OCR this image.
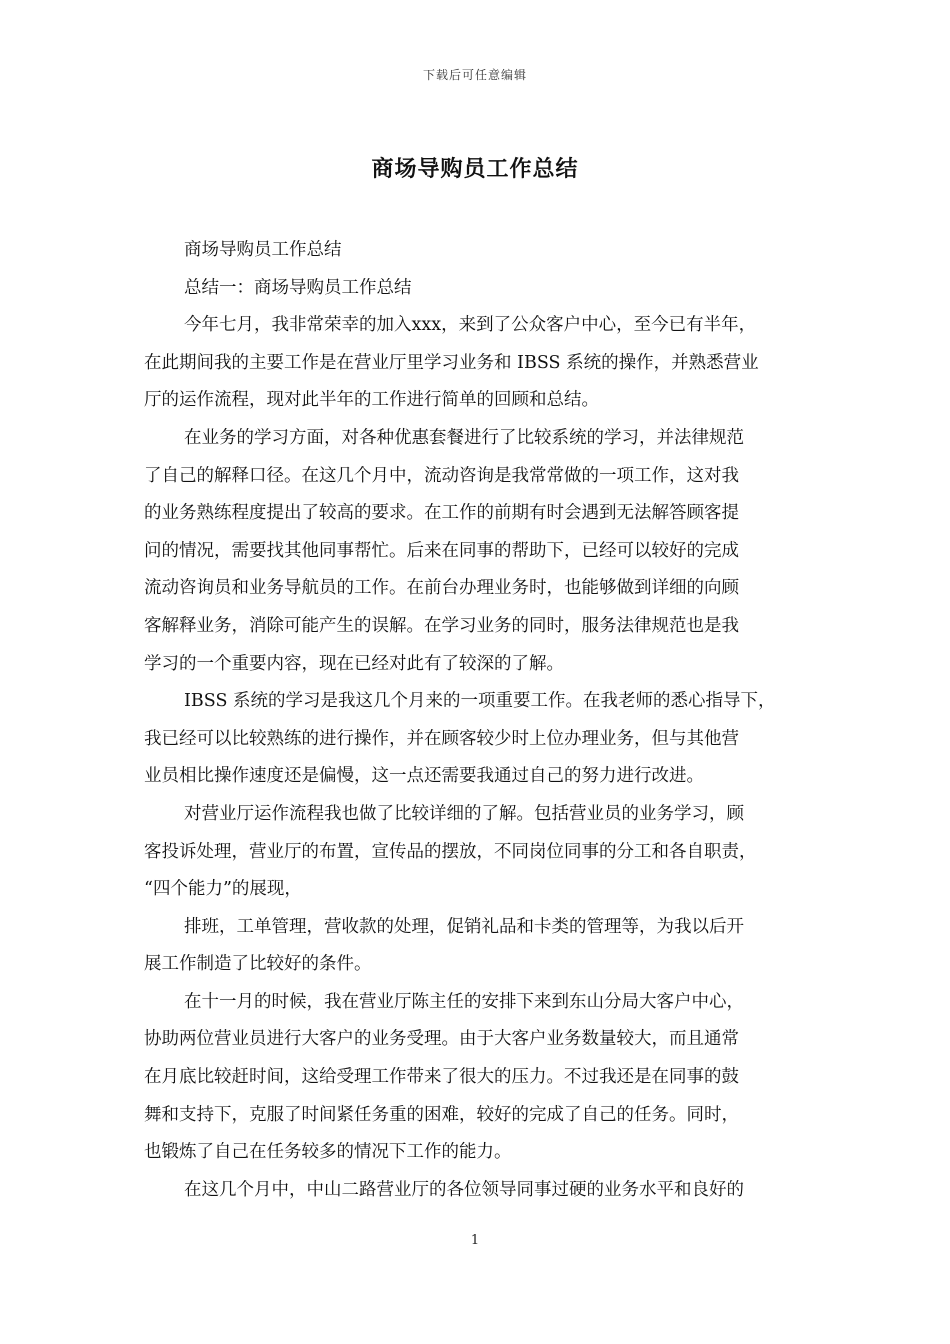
下载后可任意编辑
商场导购员工作总结
商场导购员工作总结
总结一：商场导购员工作总结
今年七月，我非常荣幸的加入xxx，来到了公众客户中心，至今已有半年，
在此期间我的主要工作是在营业厅里学习业务和 IBSS 系统的操作，并熟悉营业
厅的运作流程，现对此半年的工作进行简单的回顾和总结。
在业务的学习方面，对各种优惠套餐进行了比较系统的学习，并法律规范
了自己的解释口径。在这几个月中，流动咨询是我常常做的一项工作，这对我
的业务熟练程度提出了较高的要求。在工作的前期有时会遇到无法解答顾客提
问的情况，需要找其他同事帮忙。后来在同事的帮助下，已经可以较好的完成
流动咨询员和业务导航员的工作。在前台办理业务时，也能够做到详细的向顾
客解释业务，消除可能产生的误解。在学习业务的同时，服务法律规范也是我
学习的一个重要内容，现在已经对此有了较深的了解。
IBSS 系统的学习是我这几个月来的一项重要工作。在我老师的悉心指导下，
我已经可以比较熟练的进行操作，并在顾客较少时上位办理业务，但与其他营
业员相比操作速度还是偏慢，这一点还需要我通过自己的努力进行改进。
对营业厅运作流程我也做了比较详细的了解。包括营业员的业务学习，顾
客投诉处理，营业厅的布置，宣传品的摆放，不同岗位同事的分工和各自职责，
“四个能力”的展现，
排班，工单管理，营收款的处理，促销礼品和卡类的管理等，为我以后开
展工作制造了比较好的条件。
在十一月的时候，我在营业厅陈主任的安排下来到东山分局大客户中心，
协助两位营业员进行大客户的业务受理。由于大客户业务数量较大，而且通常
在月底比较赶时间，这给受理工作带来了很大的压力。不过我还是在同事的鼓
舞和支持下，克服了时间紧任务重的困难，较好的完成了自己的任务。同时，
也锻炼了自己在任务较多的情况下工作的能力。
在这几个月中，中山二路营业厅的各位领导同事过硬的业务水平和良好的
1
